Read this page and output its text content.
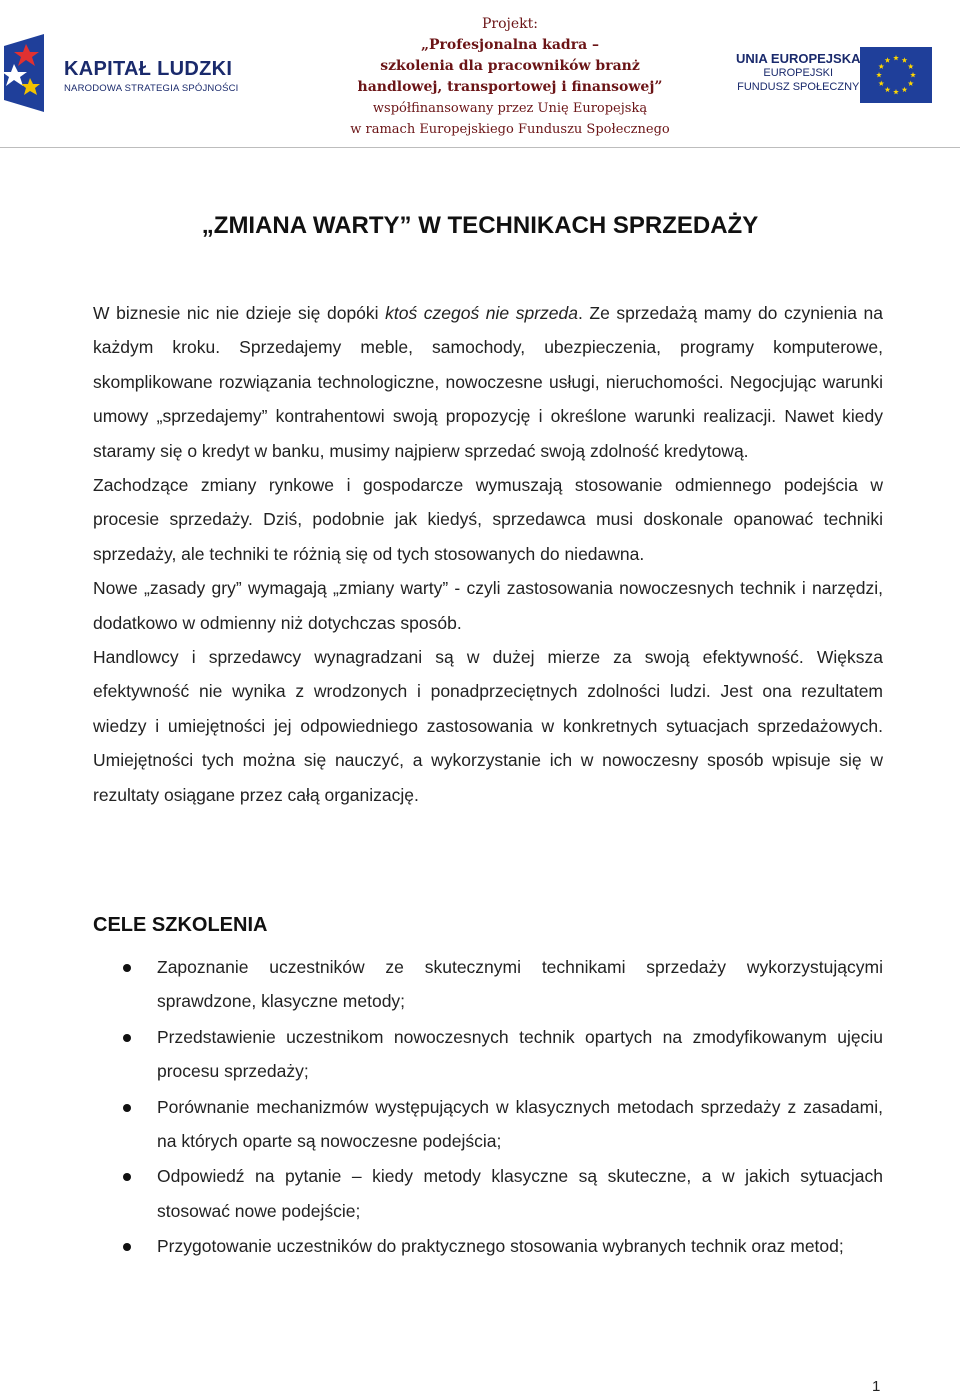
KAPITAŁ LUDZKI
NARODOWA STRATEGIA SPÓJNOŚCI
Projekt:
„Profesjonalna kadra –
szkolenia dla pracowników branż
handlowej, transportowej i finansowej”
współfinansowany przez Unię Europejską
w ramach Europejskiego Funduszu Społecznego
UNIA EUROPEJSKA
EUROPEJSKI
FUNDUSZ SPOŁECZNY
„ZMIANA WARTY” W TECHNIKACH SPRZEDAŻY

W biznesie nic nie dzieje się dopóki ktoś czegoś nie sprzeda. Ze sprzedażą mamy do czynienia na każdym kroku. Sprzedajemy meble, samochody, ubezpieczenia, programy komputerowe, skomplikowane rozwiązania technologiczne, nowoczesne usługi, nieruchomości. Negocjując warunki umowy „sprzedajemy” kontrahentowi swoją propozycję i określone warunki realizacji. Nawet kiedy staramy się o kredyt w banku, musimy najpierw sprzedać swoją zdolność kredytową.

Zachodzące zmiany rynkowe i gospodarcze wymuszają stosowanie odmiennego podejścia w procesie sprzedaży. Dziś, podobnie jak kiedyś, sprzedawca musi doskonale opanować techniki sprzedaży, ale techniki te różnią się od tych stosowanych do niedawna.

Nowe „zasady gry” wymagają „zmiany warty” - czyli zastosowania nowoczesnych technik i narzędzi, dodatkowo w odmienny niż dotychczas sposób.

Handlowcy i sprzedawcy wynagradzani są w dużej mierze za swoją efektywność. Większa efektywność nie wynika z wrodzonych i ponadprzeciętnych zdolności ludzi. Jest ona rezultatem wiedzy i umiejętności jej odpowiedniego zastosowania w konkretnych sytuacjach sprzedażowych. Umiejętności tych można się nauczyć, a wykorzystanie ich w nowoczesny sposób wpisuje się w rezultaty osiągane przez całą organizację.

CELE SZKOLENIA
Zapoznanie uczestników ze skutecznymi technikami sprzedaży wykorzystującymi sprawdzone, klasyczne metody;
Przedstawienie uczestnikom nowoczesnych technik opartych na zmodyfikowanym ujęciu procesu sprzedaży;
Porównanie mechanizmów występujących w klasycznych metodach sprzedaży z zasadami, na których oparte są nowoczesne podejścia;
Odpowiedź na pytanie – kiedy metody klasyczne są skuteczne, a w jakich sytuacjach stosować nowe podejście;
Przygotowanie uczestników do praktycznego stosowania wybranych technik oraz metod;
1
